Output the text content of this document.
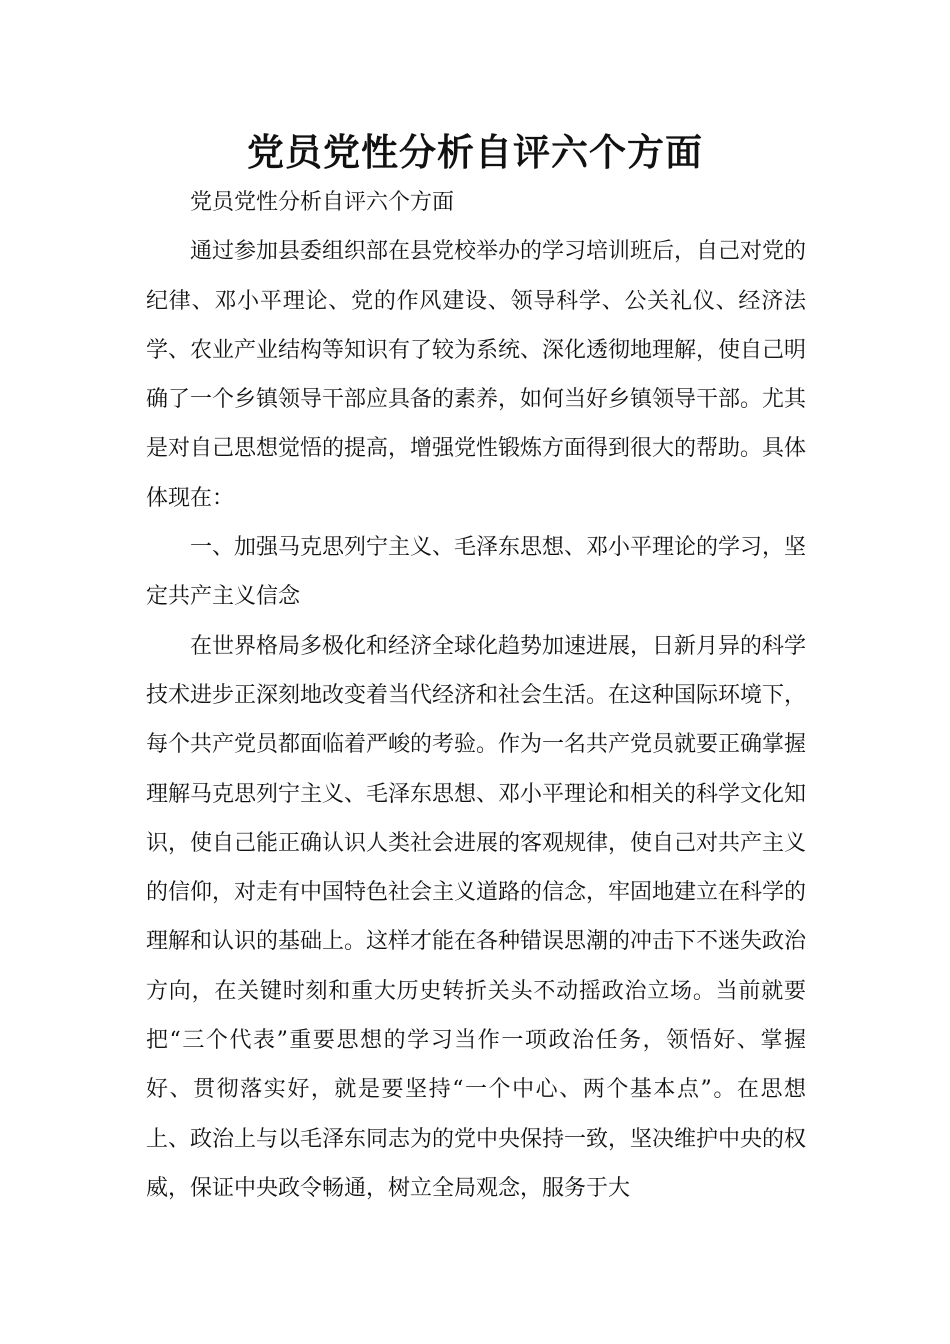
党员党性分析自评六个方面

党员党性分析自评六个方面

通过参加县委组织部在县党校举办的学习培训班后，自己对党的纪律、邓小平理论、党的作风建设、领导科学、公关礼仪、经济法学、农业产业结构等知识有了较为系统、深化透彻地理解，使自己明确了一个乡镇领导干部应具备的素养，如何当好乡镇领导干部。尤其是对自己思想觉悟的提高，增强党性锻炼方面得到很大的帮助。具体体现在：

一、加强马克思列宁主义、毛泽东思想、邓小平理论的学习，坚定共产主义信念

在世界格局多极化和经济全球化趋势加速进展，日新月异的科学技术进步正深刻地改变着当代经济和社会生活。在这种国际环境下，每个共产党员都面临着严峻的考验。作为一名共产党员就要正确掌握理解马克思列宁主义、毛泽东思想、邓小平理论和相关的科学文化知识，使自己能正确认识人类社会进展的客观规律，使自己对共产主义的信仰，对走有中国特色社会主义道路的信念，牢固地建立在科学的理解和认识的基础上。这样才能在各种错误思潮的冲击下不迷失政治方向，在关键时刻和重大历史转折关头不动摇政治立场。当前就要把“三个代表”重要思想的学习当作一项政治任务，领悟好、掌握好、贯彻落实好，就是要坚持“一个中心、两个基本点”。在思想上、政治上与以毛泽东同志为的党中央保持一致，坚决维护中央的权威，保证中央政令畅通，树立全局观念，服务于大
